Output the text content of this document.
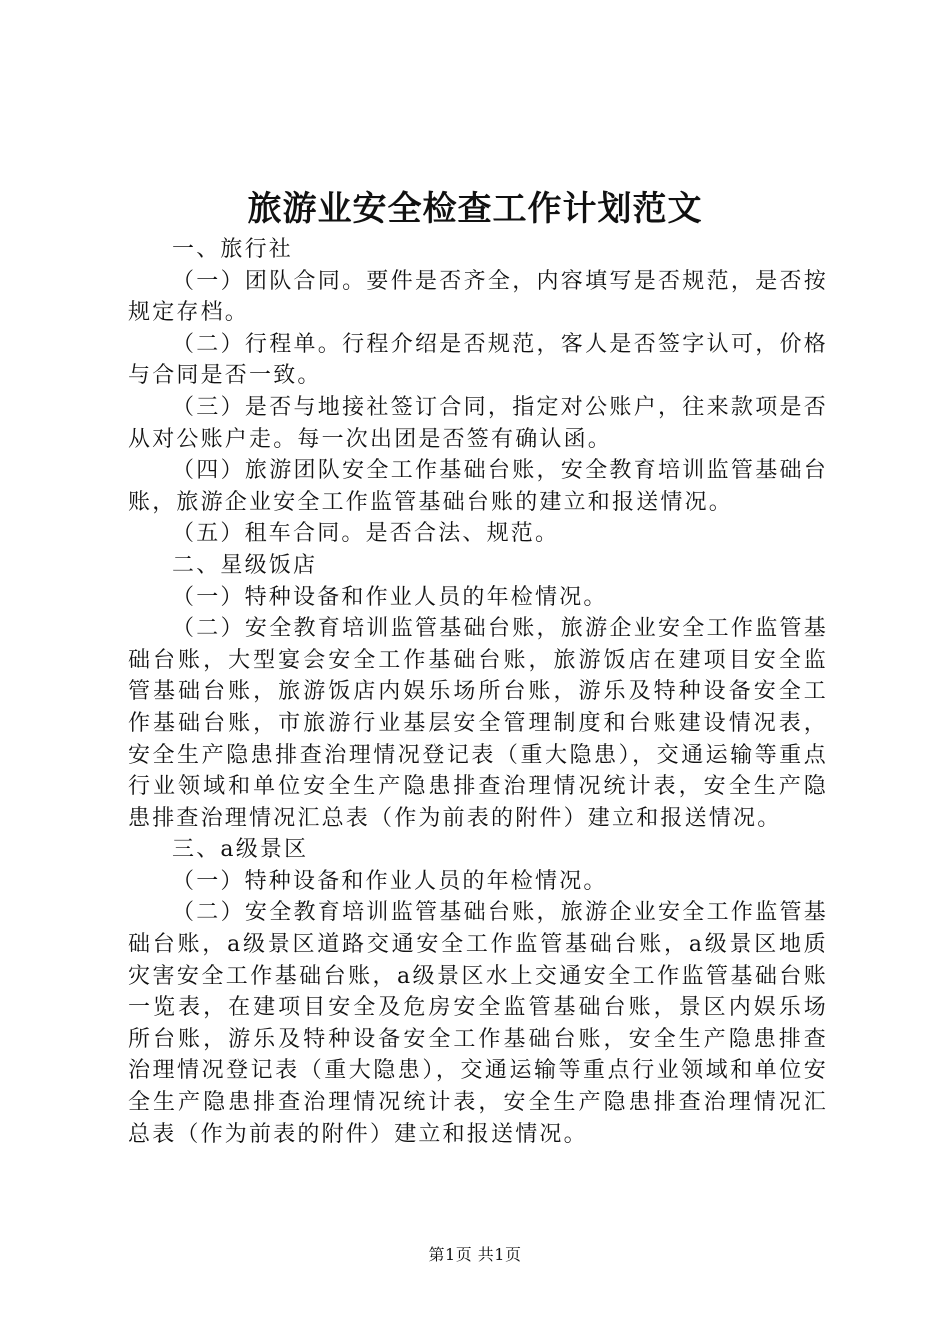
旅游业安全检查工作计划范文

一、旅行社

（一）团队合同。要件是否齐全，内容填写是否规范，是否按规定存档。

（二）行程单。行程介绍是否规范，客人是否签字认可，价格与合同是否一致。

（三）是否与地接社签订合同，指定对公账户，往来款项是否从对公账户走。每一次出团是否签有确认函。

（四）旅游团队安全工作基础台账，安全教育培训监管基础台账，旅游企业安全工作监管基础台账的建立和报送情况。

（五）租车合同。是否合法、规范。

二、星级饭店

（一）特种设备和作业人员的年检情况。

（二）安全教育培训监管基础台账，旅游企业安全工作监管基础台账，大型宴会安全工作基础台账，旅游饭店在建项目安全监管基础台账，旅游饭店内娱乐场所台账，游乐及特种设备安全工作基础台账，市旅游行业基层安全管理制度和台账建设情况表，安全生产隐患排查治理情况登记表（重大隐患），交通运输等重点行业领域和单位安全生产隐患排查治理情况统计表，安全生产隐患排查治理情况汇总表（作为前表的附件）建立和报送情况。

三、a级景区

（一）特种设备和作业人员的年检情况。

（二）安全教育培训监管基础台账，旅游企业安全工作监管基础台账，a级景区道路交通安全工作监管基础台账，a级景区地质灾害安全工作基础台账，a级景区水上交通安全工作监管基础台账一览表，在建项目安全及危房安全监管基础台账，景区内娱乐场所台账，游乐及特种设备安全工作基础台账，安全生产隐患排查治理情况登记表（重大隐患），交通运输等重点行业领域和单位安全生产隐患排查治理情况统计表，安全生产隐患排查治理情况汇总表（作为前表的附件）建立和报送情况。

第1页 共1页
